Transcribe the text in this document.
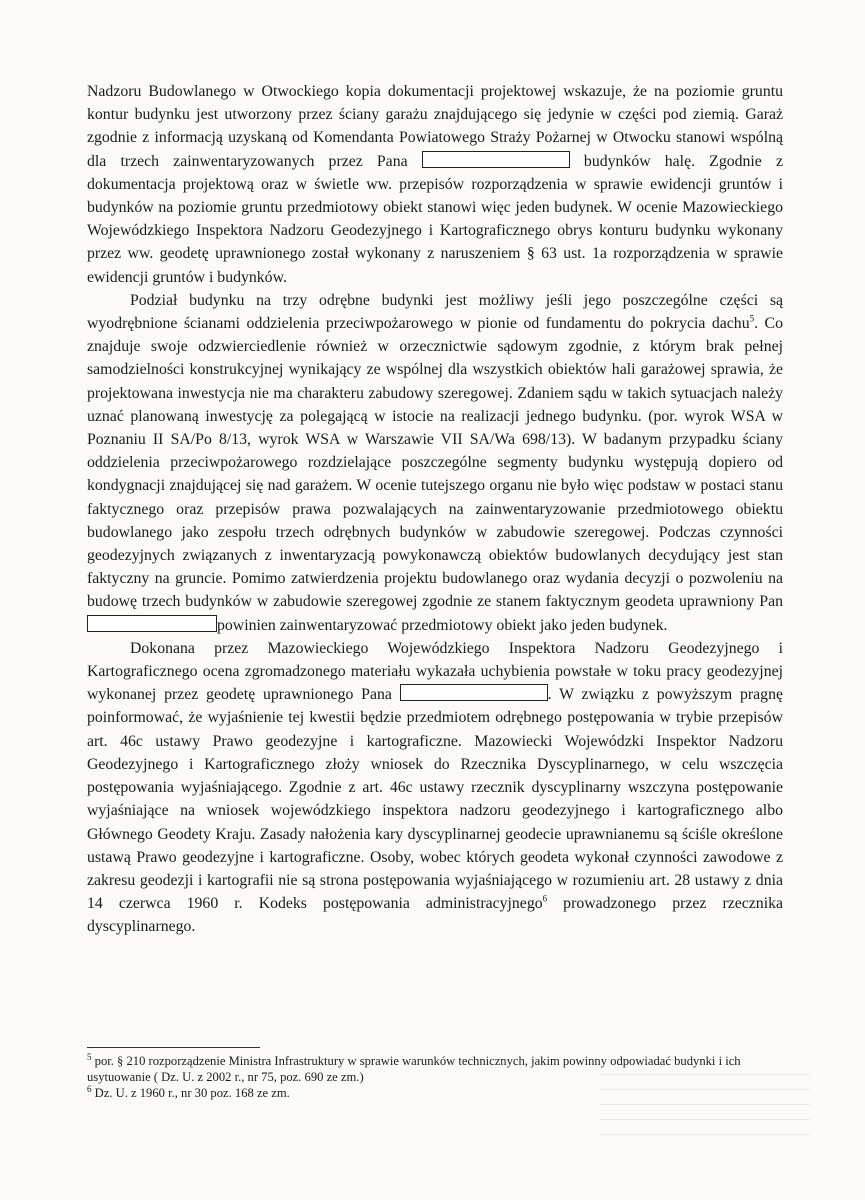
Nadzoru Budowlanego w Otwockiego kopia dokumentacji projektowej wskazuje, że na poziomie gruntu kontur budynku jest utworzony przez ściany garażu znajdującego się jedynie w części pod ziemią. Garaż zgodnie z informacją uzyskaną od Komendanta Powiatowego Straży Pożarnej w Otwocku stanowi wspólną dla trzech zainwentaryzowanych przez Pana	budynków halę. Zgodnie z dokumentacja projektową oraz w świetle ww. przepisów rozporządzenia w sprawie ewidencji gruntów i budynków na poziomie gruntu przedmiotowy obiekt stanowi więc jeden budynek. W ocenie Mazowieckiego Wojewódzkiego Inspektora Nadzoru Geodezyjnego i Kartograficznego obrys konturu budynku wykonany przez ww. geodetę uprawnionego został wykonany z naruszeniem § 63 ust. 1a rozporządzenia w sprawie ewidencji gruntów i budynków.

Podział budynku na trzy odrębne budynki jest możliwy jeśli jego poszczególne części są wyodrębnione ścianami oddzielenia przeciwpożarowego w pionie od fundamentu do pokrycia dachu$^5$. Co znajduje swoje odzwierciedlenie również w orzecznictwie sądowym zgodnie, z którym brak pełnej samodzielności konstrukcyjnej wynikający ze wspólnej dla wszystkich obiektów hali garażowej sprawia, że projektowana inwestycja nie ma charakteru zabudowy szeregowej. Zdaniem sądu w takich sytuacjach należy uznać planowaną inwestycję za polegającą w istocie na realizacji jednego budynku. (por. wyrok WSA w Poznaniu II SA/Po 8/13, wyrok WSA w Warszawie VII SA/Wa 698/13). W badanym przypadku ściany oddzielenia przeciwpożarowego rozdzielające poszczególne segmenty budynku występują dopiero od kondygnacji znajdującej się nad garażem. W ocenie tutejszego organu nie było więc podstaw w postaci stanu faktycznego oraz przepisów prawa pozwalających na zainwentaryzowanie przedmiotowego obiektu budowlanego jako zespołu trzech odrębnych budynków w zabudowie szeregowej. Podczas czynności geodezyjnych związanych z inwentaryzacją powykonawczą obiektów budowlanych decydujący jest stan faktyczny na gruncie. Pomimo zatwierdzenia projektu budowlanego oraz wydania decyzji o pozwoleniu na budowę trzech budynków w zabudowie szeregowej zgodnie ze stanem faktycznym geodeta uprawniony Panpowinien zainwentaryzować przedmiotowy obiekt jako jeden budynek.

Dokonana przez Mazowieckiego Wojewódzkiego Inspektora Nadzoru Geodezyjnego i Kartograficznego ocena zgromadzonego materiału wykazała uchybienia powstałe w toku pracy geodezyjnej wykonanej przez geodetę uprawnionego Pana	. W związku z powyższym pragnę poinformować, że wyjaśnienie tej kwestii będzie przedmiotem odrębnego postępowania w trybie przepisów art. 46c ustawy Prawo geodezyjne i kartograficzne. Mazowiecki Wojewódzki Inspektor Nadzoru Geodezyjnego i Kartograficznego złoży wniosek do Rzecznika Dyscyplinarnego, w celu wszczęcia postępowania wyjaśniającego. Zgodnie z art. 46c ustawy rzecznik dyscyplinarny wszczyna postępowanie wyjaśniające na wniosek wojewódzkiego inspektora nadzoru geodezyjnego i kartograficznego albo Głównego Geodety Kraju. Zasady nałożenia kary dyscyplinarnej geodecie uprawnianemu są ściśle określone ustawą Prawo geodezyjne i kartograficzne. Osoby, wobec których geodeta wykonał czynności zawodowe z zakresu geodezji i kartografii nie są strona postępowania wyjaśniającego w rozumieniu art. 28 ustawy z dnia 14 czerwca 1960 r. Kodeks postępowania administracyjnego$^6$ prowadzonego przez rzecznika dyscyplinarnego.

$^5$ por. § 210 rozporządzenie Ministra Infrastruktury w sprawie warunków technicznych, jakim powinny odpowiadać budynki i ich usytuowanie ( Dz. U. z 2002 r., nr 75, poz. 690 ze zm.)

$^6$ Dz. U. z 1960 r., nr 30 poz. 168 ze zm.
